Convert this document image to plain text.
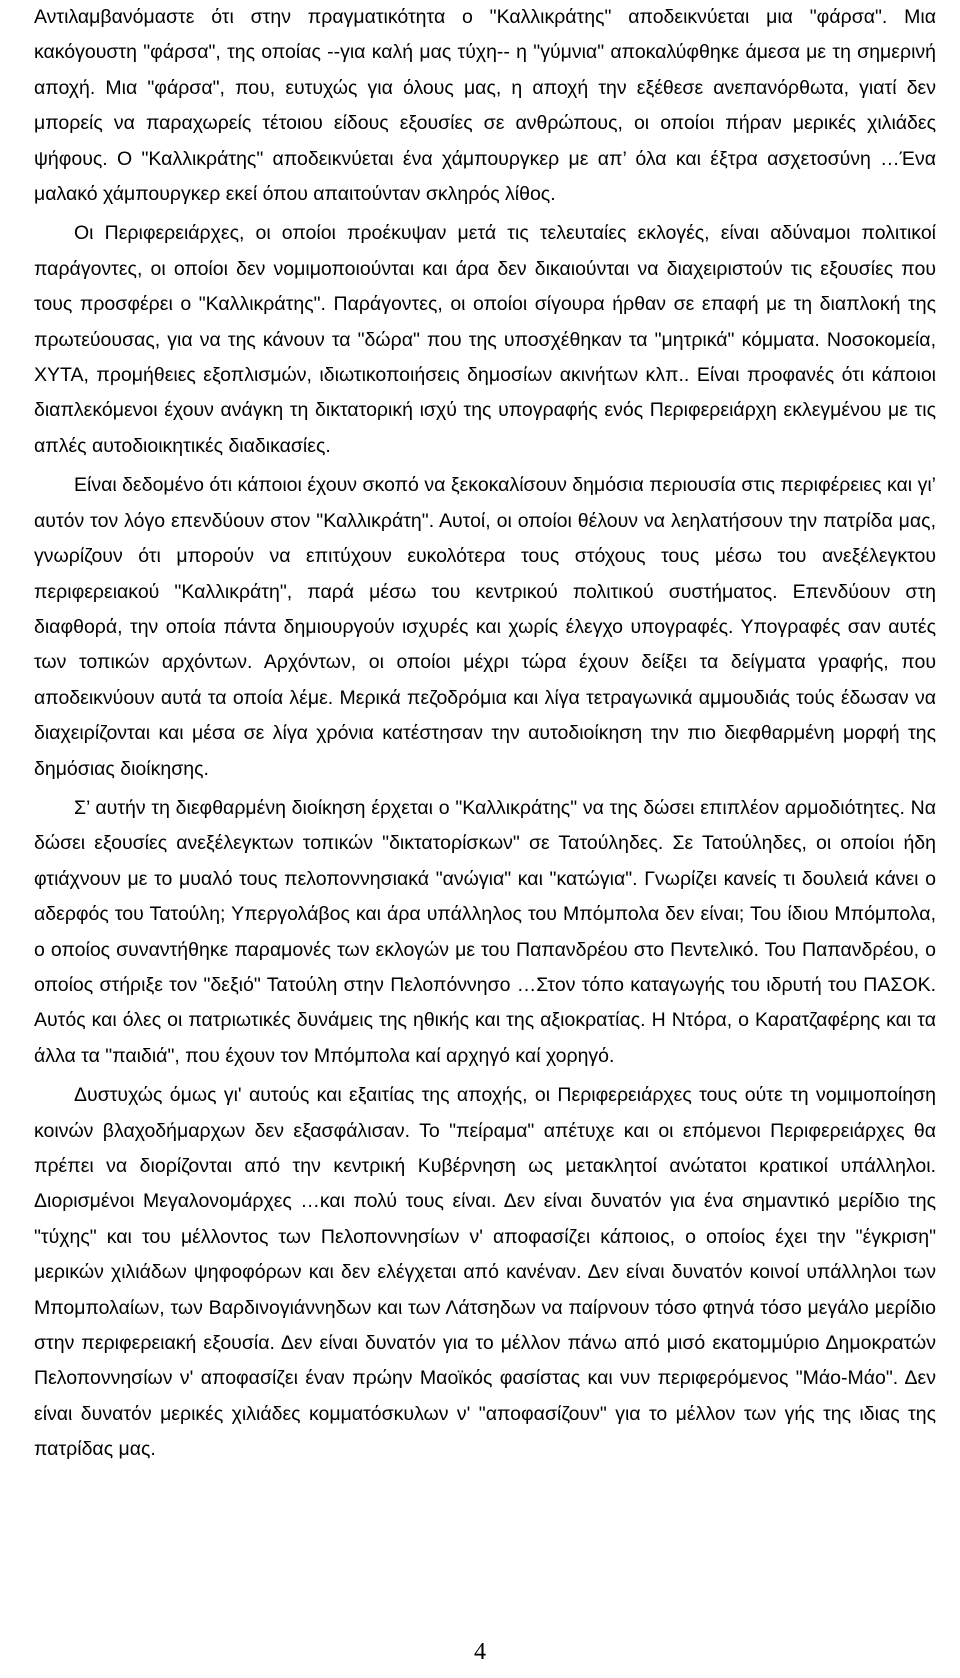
Αντιλαμβανόμαστε ότι στην πραγματικότητα ο "Καλλικράτης" αποδεικνύεται μια "φάρσα". Μια κακόγουστη "φάρσα", της οποίας --για καλή μας τύχη-- η "γύμνια" αποκαλύφθηκε άμεσα με τη σημερινή αποχή. Μια "φάρσα", που, ευτυχώς για όλους μας, η αποχή την εξέθεσε ανεπανόρθωτα, γιατί δεν μπορείς να παραχωρείς τέτοιου είδους εξουσίες σε ανθρώπους, οι οποίοι πήραν μερικές χιλιάδες ψήφους. Ο "Καλλικράτης" αποδεικνύεται ένα χάμπουργκερ με απ’ όλα και έξτρα ασχετοσύνη …Ένα μαλακό χάμπουργκερ εκεί όπου απαιτούνταν σκληρός λίθος.

Οι Περιφερειάρχες, οι οποίοι προέκυψαν μετά τις τελευταίες εκλογές, είναι αδύναμοι πολιτικοί παράγοντες, οι οποίοι δεν νομιμοποιούνται και άρα δεν δικαιούνται να διαχειριστούν τις εξουσίες που τους προσφέρει ο "Καλλικράτης". Παράγοντες, οι οποίοι σίγουρα ήρθαν σε επαφή με τη διαπλοκή της πρωτεύουσας, για να της κάνουν τα "δώρα" που της υποσχέθηκαν τα "μητρικά" κόμματα. Νοσοκομεία, ΧΥΤΑ, προμήθειες εξοπλισμών, ιδιωτικοποιήσεις δημοσίων ακινήτων κλπ.. Είναι προφανές ότι κάποιοι διαπλεκόμενοι έχουν ανάγκη τη δικτατορική ισχύ της υπογραφής ενός Περιφερειάρχη εκλεγμένου με τις απλές αυτοδιοικητικές διαδικασίες.

Είναι δεδομένο ότι κάποιοι έχουν σκοπό να ξεκοκαλίσουν δημόσια περιουσία στις περιφέρειες και γι’ αυτόν τον λόγο επενδύουν στον "Καλλικράτη". Αυτοί, οι οποίοι θέλουν να λεηλατήσουν την πατρίδα μας, γνωρίζουν ότι μπορούν να επιτύχουν ευκολότερα τους στόχους τους μέσω του ανεξέλεγκτου περιφερειακού "Καλλικράτη", παρά μέσω του κεντρικού πολιτικού συστήματος. Επενδύουν στη διαφθορά, την οποία πάντα δημιουργούν ισχυρές και χωρίς έλεγχο υπογραφές. Υπογραφές σαν αυτές των τοπικών αρχόντων. Αρχόντων, οι οποίοι μέχρι τώρα έχουν δείξει τα δείγματα γραφής, που αποδεικνύουν αυτά τα οποία λέμε. Μερικά πεζοδρόμια και λίγα τετραγωνικά αμμουδιάς τούς έδωσαν να διαχειρίζονται και μέσα σε λίγα χρόνια κατέστησαν την αυτοδιοίκηση την πιο διεφθαρμένη μορφή της δημόσιας διοίκησης.

Σ’ αυτήν τη διεφθαρμένη διοίκηση έρχεται ο "Καλλικράτης" να της δώσει επιπλέον αρμοδιότητες. Να δώσει εξουσίες ανεξέλεγκτων τοπικών "δικτατορίσκων" σε Τατούληδες. Σε Τατούληδες, οι οποίοι ήδη φτιάχνουν με το μυαλό τους πελοποννησιακά "ανώγια" και "κατώγια". Γνωρίζει κανείς τι δουλειά κάνει ο αδερφός του Τατούλη; Υπεργολάβος και άρα υπάλληλος του Μπόμπολα δεν είναι; Του ίδιου Μπόμπολα, ο οποίος συναντήθηκε παραμονές των εκλογών με του Παπανδρέου στο Πεντελικό. Του Παπανδρέου, ο οποίος στήριξε τον "δεξιό" Τατούλη στην Πελοπόννησο …Στον τόπο καταγωγής του ιδρυτή του ΠΑΣΟΚ. Αυτός και όλες οι πατριωτικές δυνάμεις της ηθικής και της αξιοκρατίας. Η Ντόρα, ο Καρατζαφέρης και τα άλλα τα "παιδιά", που έχουν τον Μπόμπολα καί αρχηγό καί χορηγό.

Δυστυχώς όμως γι' αυτούς και εξαιτίας της αποχής, οι Περιφερειάρχες τους ούτε τη νομιμοποίηση κοινών βλαχοδήμαρχων δεν εξασφάλισαν. Το "πείραμα" απέτυχε και οι επόμενοι Περιφερειάρχες θα πρέπει να διορίζονται από την κεντρική Κυβέρνηση ως μετακλητοί ανώτατοι κρατικοί υπάλληλοι. Διορισμένοι Μεγαλονομάρχες …και πολύ τους είναι. Δεν είναι δυνατόν για ένα σημαντικό μερίδιο της "τύχης" και του μέλλοντος των Πελοποννησίων ν' αποφασίζει κάποιος, ο οποίος έχει την "έγκριση" μερικών χιλιάδων ψηφοφόρων και δεν ελέγχεται από κανέναν. Δεν είναι δυνατόν κοινοί υπάλληλοι των Μπομπολαίων, των Βαρδινογιάννηδων και των Λάτσηδων να παίρνουν τόσο φτηνά τόσο μεγάλο μερίδιο στην περιφερειακή εξουσία. Δεν είναι δυνατόν για το μέλλον πάνω από μισό εκατομμύριο Δημοκρατών Πελοποννησίων ν' αποφασίζει έναν πρώην Μαοϊκός φασίστας και νυν περιφερόμενος "Μάο-Μάο". Δεν είναι δυνατόν μερικές χιλιάδες κομματόσκυλων ν' "αποφασίζουν" για το μέλλον των γής της ιδιας της πατρίδας μας.

4
